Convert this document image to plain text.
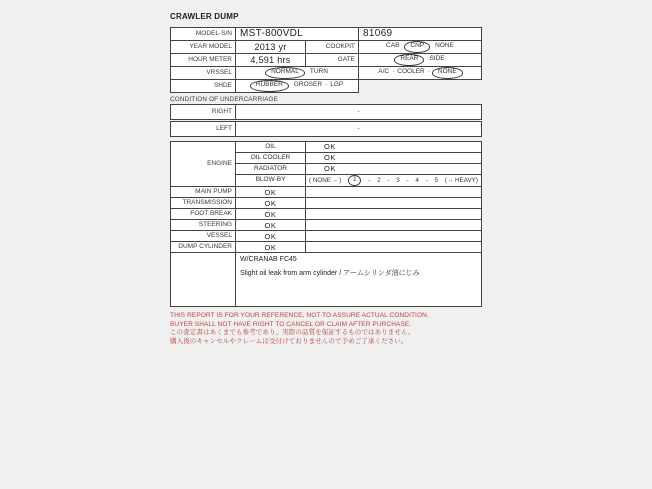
CRAWLER DUMP
MODEL-S/N	MST-800VDL		81069
YEAR MODEL	2013 yr	COOKPIT	CAB CNP NONE
HOUR METER	4,591 hrs	GATE	REAR SIDE
VRSSEL	NORMAL TURN		A/C · COOLER · NONE
SHDE	RUBBER GROSER · LGP		
CONDITION OF UNDERCARRIAGE
RIGHT	-
LEFT	-
ENGINE	OIL	OK
	OIL COOLER	OK
	RADIATOR	OK
BLOW-BY	( NONE ←)	1	- 2 - 3 - 4 - 5 (→ HEAVY)

MAIN PUMP	OK	
TRANSMISSION	OK	
FOOT BREAK	OK	
STEERING	OK	
VESSEL	OK	
DUMP CYLINDER	OK	

	W/CRANAB FC45
Slight oil leak from arm cylinder / アームシリンダ油にじみ	
THIS REPORT IS FOR YOUR REFERENCE, NOT TO ASSURE ACTUAL CONDITION.
BUYER SHALL NOT HAVE RIGHT TO CANCEL OR CLAIM AFTER PURCHASE.
この査定書はあくまでも参考であり、実際の品質を保証するものではありません。
購入後のキャンセルやクレームは受付けておりませんので予めご了承ください。
